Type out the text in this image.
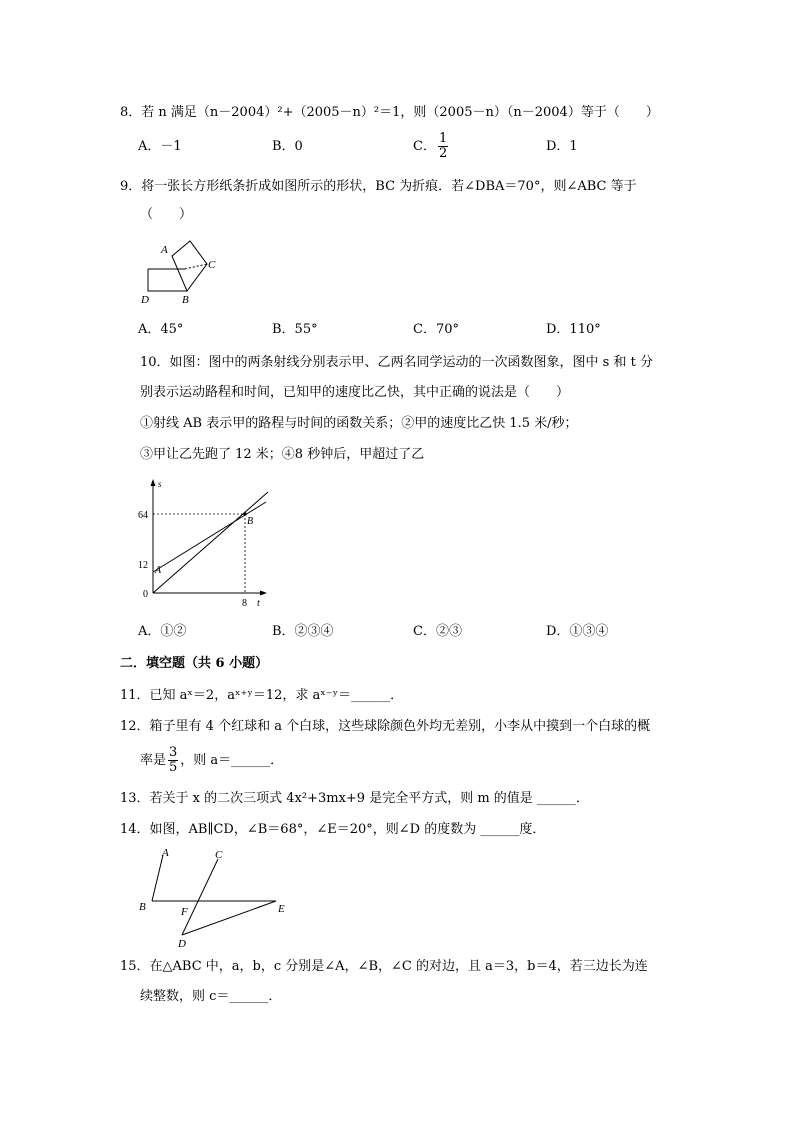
8．若 n 满足（n－2004）²+（2005－n）²＝1，则（2005－n）（n－2004）等于（　　）
A．－1	B．0	C． $\frac{1}{2}$	D．1
9．将一张长方形纸条折成如图所示的形状，BC 为折痕．若∠DBA＝70°，则∠ABC 等于
（　　）
A
C
D	B
A．45°	B．55°	C．70°	D．110°
10．如图：图中的两条射线分别表示甲、乙两名同学运动的一次函数图象，图中 s 和 t 分
别表示运动路程和时间，已知甲的速度比乙快，其中正确的说法是（　　）
①射线 AB 表示甲的路程与时间的函数关系；②甲的速度比乙快 1.5 米/秒；
③甲让乙先跑了 12 米；④8 秒钟后，甲超过了乙
s
64
12
0
8 t
A
B
A．①②	B．②③④	C．②③	D．①③④
二．填空题（共 6 小题）
11．已知 aˣ＝2，aˣ⁺ʸ＝12，求 aˣ⁻ʸ＝______．
12．箱子里有 4 个红球和 a 个白球，这些球除颜色外均无差别，小李从中摸到一个白球的概
率是 $\frac{3}{5}$ ，则 a＝______．
13．若关于 x 的二次三项式 4x²+3mx+9 是完全平方式，则 m 的值是 ______．
14．如图，AB∥CD，∠B＝68°，∠E＝20°，则∠D 的度数为 ______度．
A	C
B	F	E
D
15．在△ABC 中，a，b，c 分别是∠A，∠B，∠C 的对边，且 a＝3，b＝4，若三边长为连
续整数，则 c＝______．
